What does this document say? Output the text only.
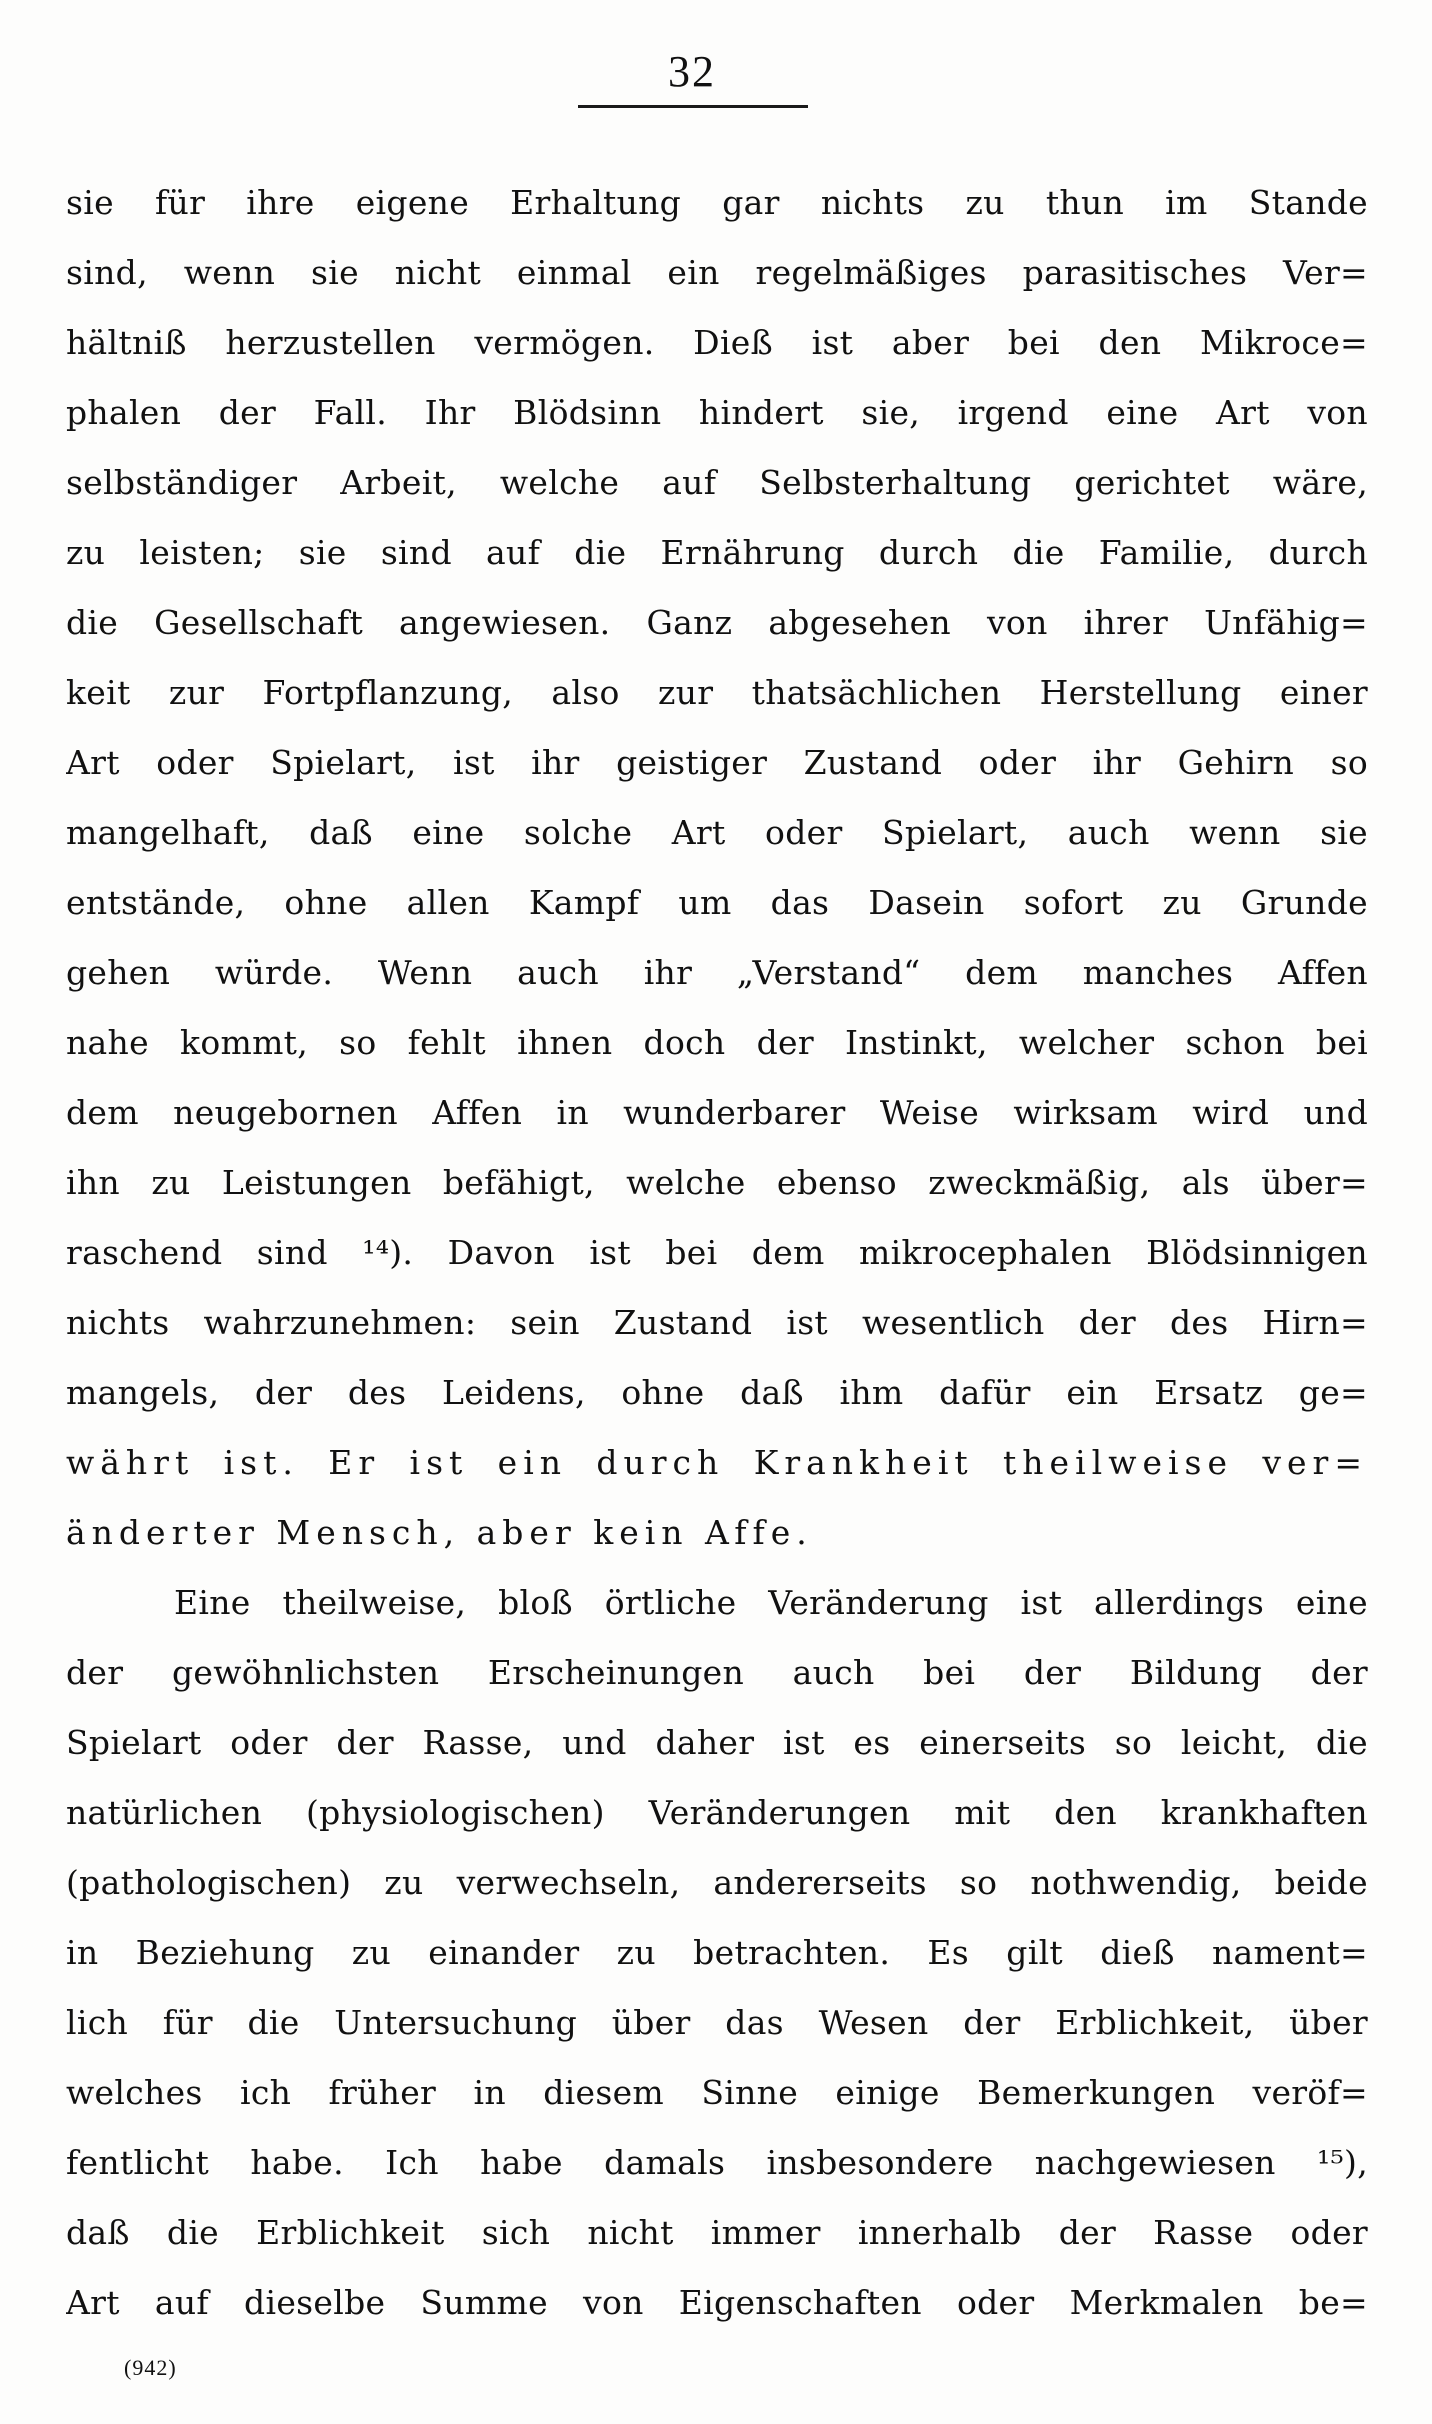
32
sie für ihre eigene Erhaltung gar nichts zu thun im Stande
sind, wenn sie nicht einmal ein regelmäßiges parasitisches Ver=
hältniß herzustellen vermögen. Dieß ist aber bei den Mikroce=
phalen der Fall. Ihr Blödsinn hindert sie, irgend eine Art von
selbständiger Arbeit, welche auf Selbsterhaltung gerichtet wäre,
zu leisten; sie sind auf die Ernährung durch die Familie, durch
die Gesellschaft angewiesen. Ganz abgesehen von ihrer Unfähig=
keit zur Fortpflanzung, also zur thatsächlichen Herstellung einer
Art oder Spielart, ist ihr geistiger Zustand oder ihr Gehirn so
mangelhaft, daß eine solche Art oder Spielart, auch wenn sie
entstände, ohne allen Kampf um das Dasein sofort zu Grunde
gehen würde. Wenn auch ihr „Verstand“ dem manches Affen
nahe kommt, so fehlt ihnen doch der Instinkt, welcher schon bei
dem neugebornen Affen in wunderbarer Weise wirksam wird und
ihn zu Leistungen befähigt, welche ebenso zweckmäßig, als über=
raschend sind ¹⁴). Davon ist bei dem mikrocephalen Blödsinnigen
nichts wahrzunehmen: sein Zustand ist wesentlich der des Hirn=
mangels, der des Leidens, ohne daß ihm dafür ein Ersatz ge=
währt ist. Er ist ein durch Krankheit theilweise ver=
änderter Mensch, aber kein Affe.
Eine theilweise, bloß örtliche Veränderung ist allerdings eine
der gewöhnlichsten Erscheinungen auch bei der Bildung der
Spielart oder der Rasse, und daher ist es einerseits so leicht, die
natürlichen (physiologischen) Veränderungen mit den krankhaften
(pathologischen) zu verwechseln, andererseits so nothwendig, beide
in Beziehung zu einander zu betrachten. Es gilt dieß nament=
lich für die Untersuchung über das Wesen der Erblichkeit, über
welches ich früher in diesem Sinne einige Bemerkungen veröf=
fentlicht habe. Ich habe damals insbesondere nachgewiesen ¹⁵),
daß die Erblichkeit sich nicht immer innerhalb der Rasse oder
Art auf dieselbe Summe von Eigenschaften oder Merkmalen be=
(942)
